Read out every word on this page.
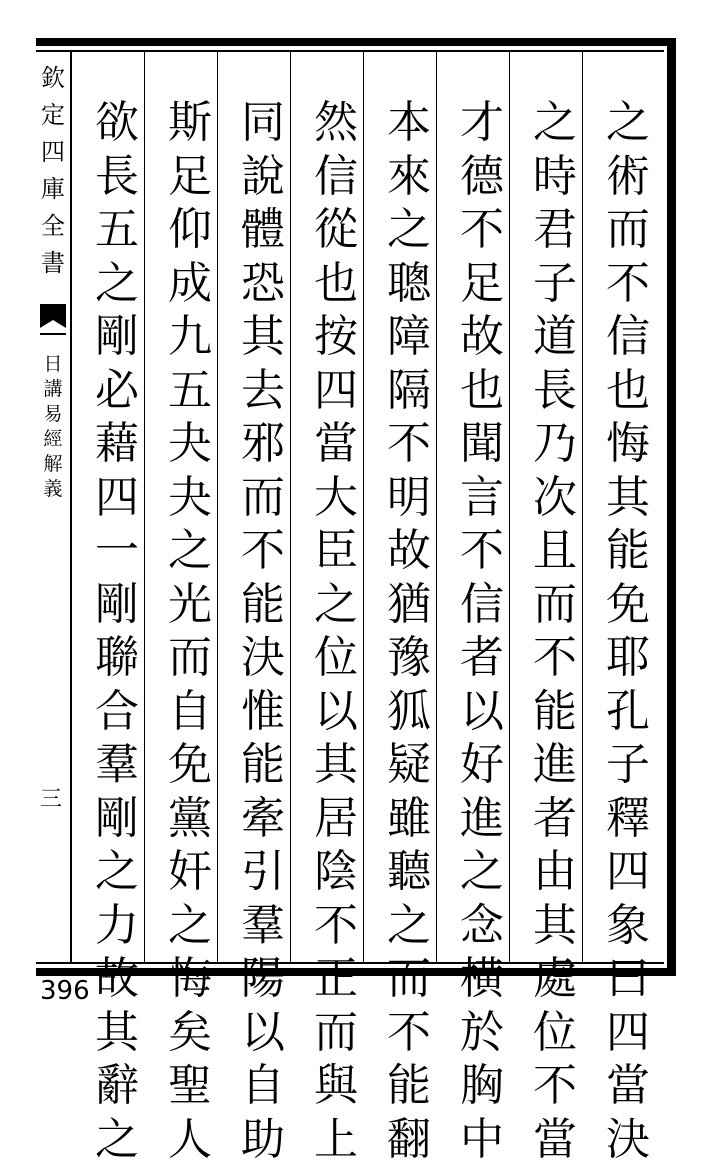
欽
定
四
庫
全
書
日
講
易
經
解
義
三
之
術
而
不
信
也
悔
其
能
免
耶
孔
子
釋
四
象
曰
四
當
決
之
時
君
子
道
長
乃
次
且
而
不
能
進
者
由
其
處
位
不
當
才
德
不
足
故
也
聞
言
不
信
者
以
好
進
之
念
横
於
胸
中
本
來
之
聰
障
隔
不
明
故
猶
豫
狐
疑
雖
聽
之
而
不
能
翻
然
信
從
也
按
四
當
大
臣
之
位
以
其
居
陰
不
正
而
與
上
同
說
體
恐
其
去
邪
而
不
能
決
惟
能
牽
引
羣
陽
以
自
助
斯
足
仰
成
九
五
夬
夬
之
光
而
自
免
黨
奸
之
悔
矣
聖
人
欲
長
五
之
剛
必
藉
四
一
剛
聯
合
羣
剛
之
力
故
其
辭
之
396
